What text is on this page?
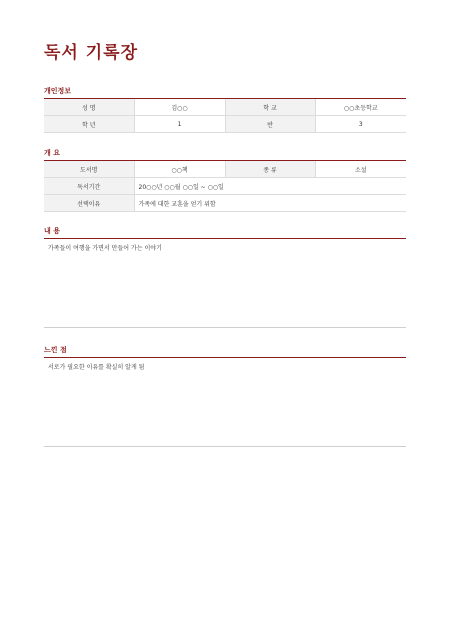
독서 기록장
개인정보
성 명	김○○	학 교	○○초등학교
학 년	1	반	3
개 요
도서명	○○책	종 류	소설
독서기간	20○○년 ○○월 ○○일 ~ ○○일		
선택이유	가족에 대한 교훈을 얻기 위함		
내 용
가족들이 여행을 가면서 만들어 가는 이야기
느낀 점
서로가 필요한 이유를 확실히 알게 됨
